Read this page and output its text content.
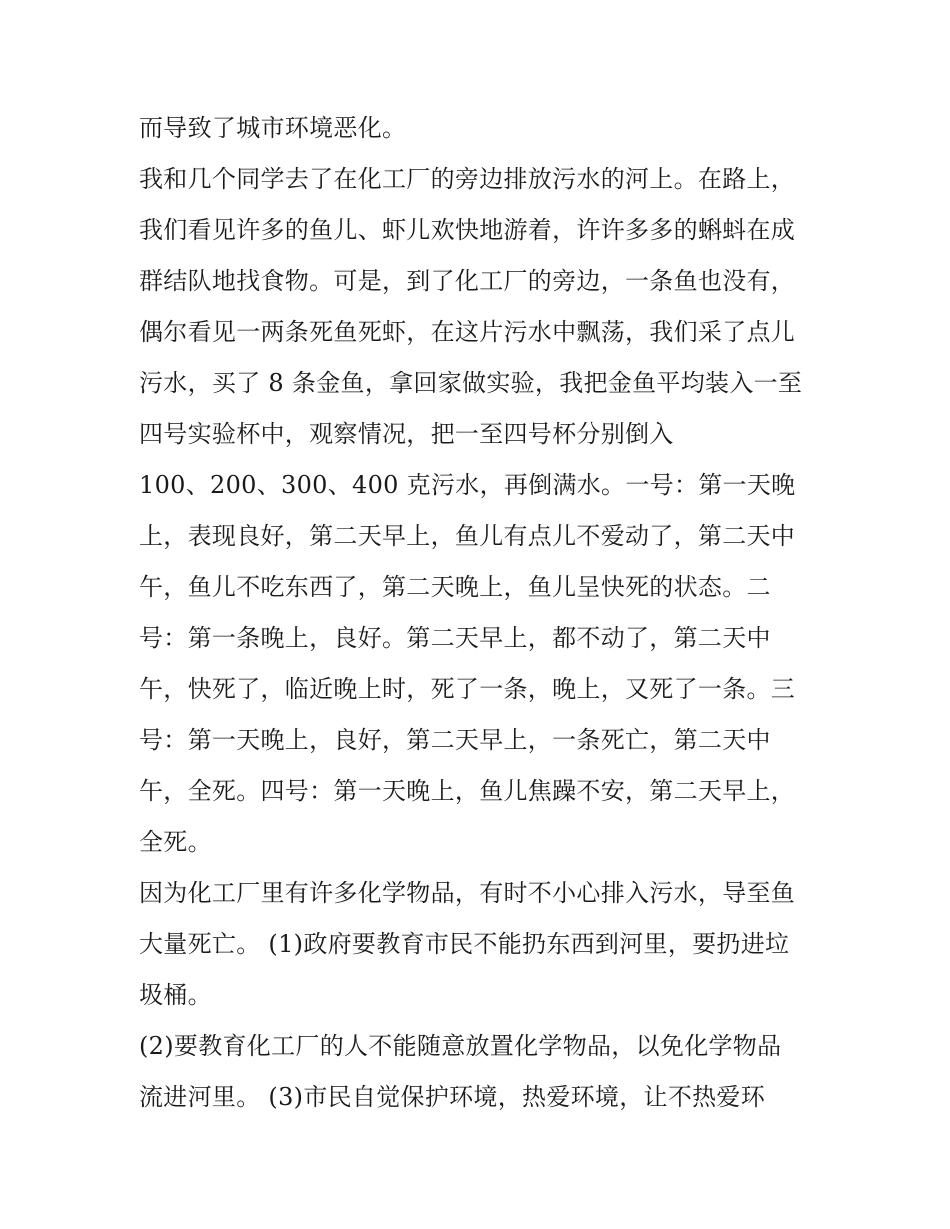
而导致了城市环境恶化。
我和几个同学去了在化工厂的旁边排放污水的河上。在路上，
我们看见许多的鱼儿、虾儿欢快地游着，许许多多的蝌蚪在成
群结队地找食物。可是，到了化工厂的旁边，一条鱼也没有，
偶尔看见一两条死鱼死虾，在这片污水中飘荡，我们采了点儿
污水，买了 8 条金鱼，拿回家做实验，我把金鱼平均装入一至
四号实验杯中，观察情况，把一至四号杯分别倒入
100、200、300、400 克污水，再倒满水。一号：第一天晚
上，表现良好，第二天早上，鱼儿有点儿不爱动了，第二天中
午，鱼儿不吃东西了，第二天晚上，鱼儿呈快死的状态。二
号：第一条晚上，良好。第二天早上，都不动了，第二天中
午，快死了，临近晚上时，死了一条，晚上，又死了一条。三
号：第一天晚上，良好，第二天早上，一条死亡，第二天中
午，全死。四号：第一天晚上，鱼儿焦躁不安，第二天早上，
全死。
因为化工厂里有许多化学物品，有时不小心排入污水，导至鱼
大量死亡。 (1)政府要教育市民不能扔东西到河里，要扔进垃
圾桶。
(2)要教育化工厂的人不能随意放置化学物品，以免化学物品
流进河里。 (3)市民自觉保护环境，热爱环境，让不热爱环
